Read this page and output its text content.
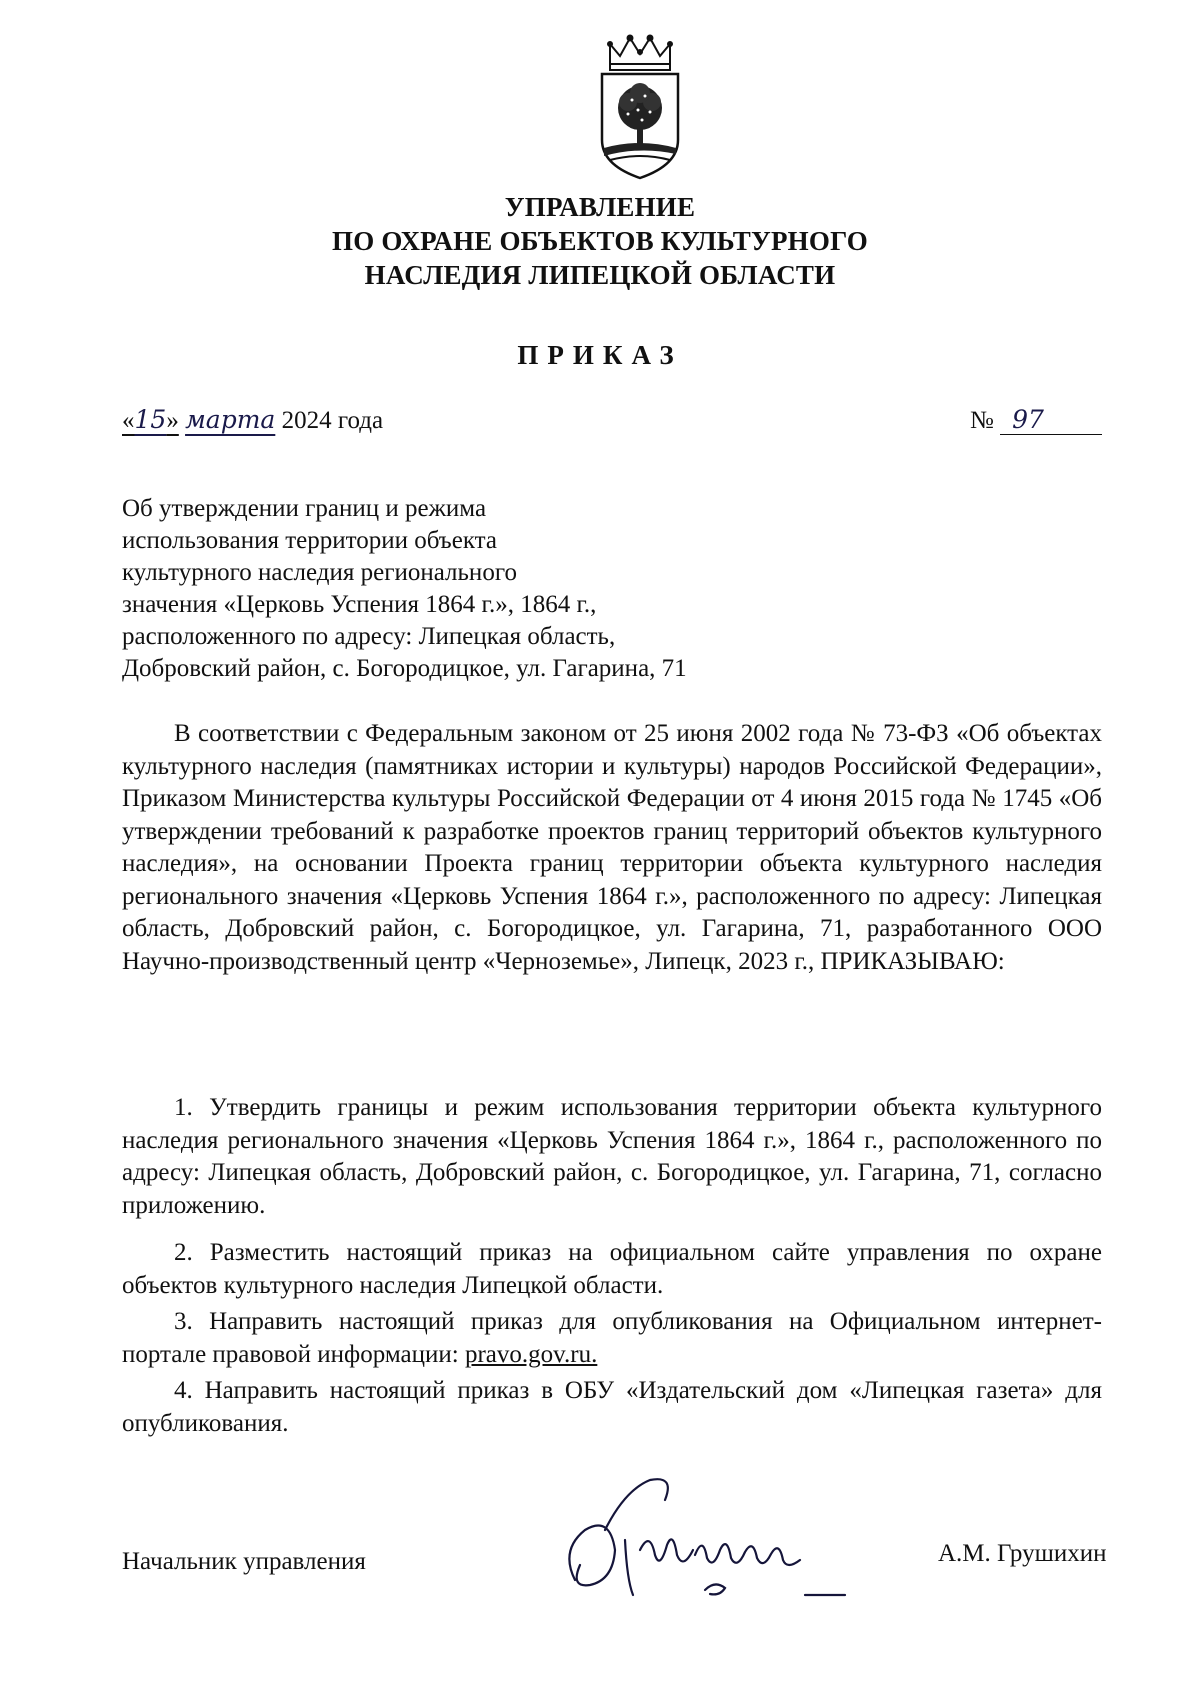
УПРАВЛЕНИЕ
ПО ОХРАНЕ ОБЪЕКТОВ КУЛЬТУРНОГО
НАСЛЕДИЯ ЛИПЕЦКОЙ ОБЛАСТИ
ПРИКАЗ
«15» марта 2024 года	№ 97
Об утверждении границ и режима
использования территории объекта
культурного наследия регионального
значения «Церковь Успения 1864 г.», 1864 г.,
расположенного по адресу: Липецкая область,
Добровский район, с. Богородицкое, ул. Гагарина, 71

В соответствии с Федеральным законом от 25 июня 2002 года № 73-ФЗ «Об объектах культурного наследия (памятниках истории и культуры) народов Российской Федерации», Приказом Министерства культуры Российской Федерации от 4 июня 2015 года № 1745 «Об утверждении требований к разработке проектов границ территорий объектов культурного наследия», на основании Проекта границ территории объекта культурного наследия регионального значения «Церковь Успения 1864 г.», расположенного по адресу: Липецкая область, Добровский район, с. Богородицкое, ул. Гагарина, 71, разработанного ООО Научно-производственный центр «Черноземье», Липецк, 2023 г., ПРИКАЗЫВАЮ:

1. Утвердить границы и режим использования территории объекта культурного наследия регионального значения «Церковь Успения 1864 г.», 1864 г., расположенного по адресу: Липецкая область, Добровский район, с. Богородицкое, ул. Гагарина, 71, согласно приложению.

2. Разместить настоящий приказ на официальном сайте управления по охране объектов культурного наследия Липецкой области.

3. Направить настоящий приказ для опубликования на Официальном интернет-портале правовой информации: pravo.gov.ru.

4. Направить настоящий приказ в ОБУ «Издательский дом «Липецкая газета» для опубликования.

Начальник управления	А.М. Грушихин
